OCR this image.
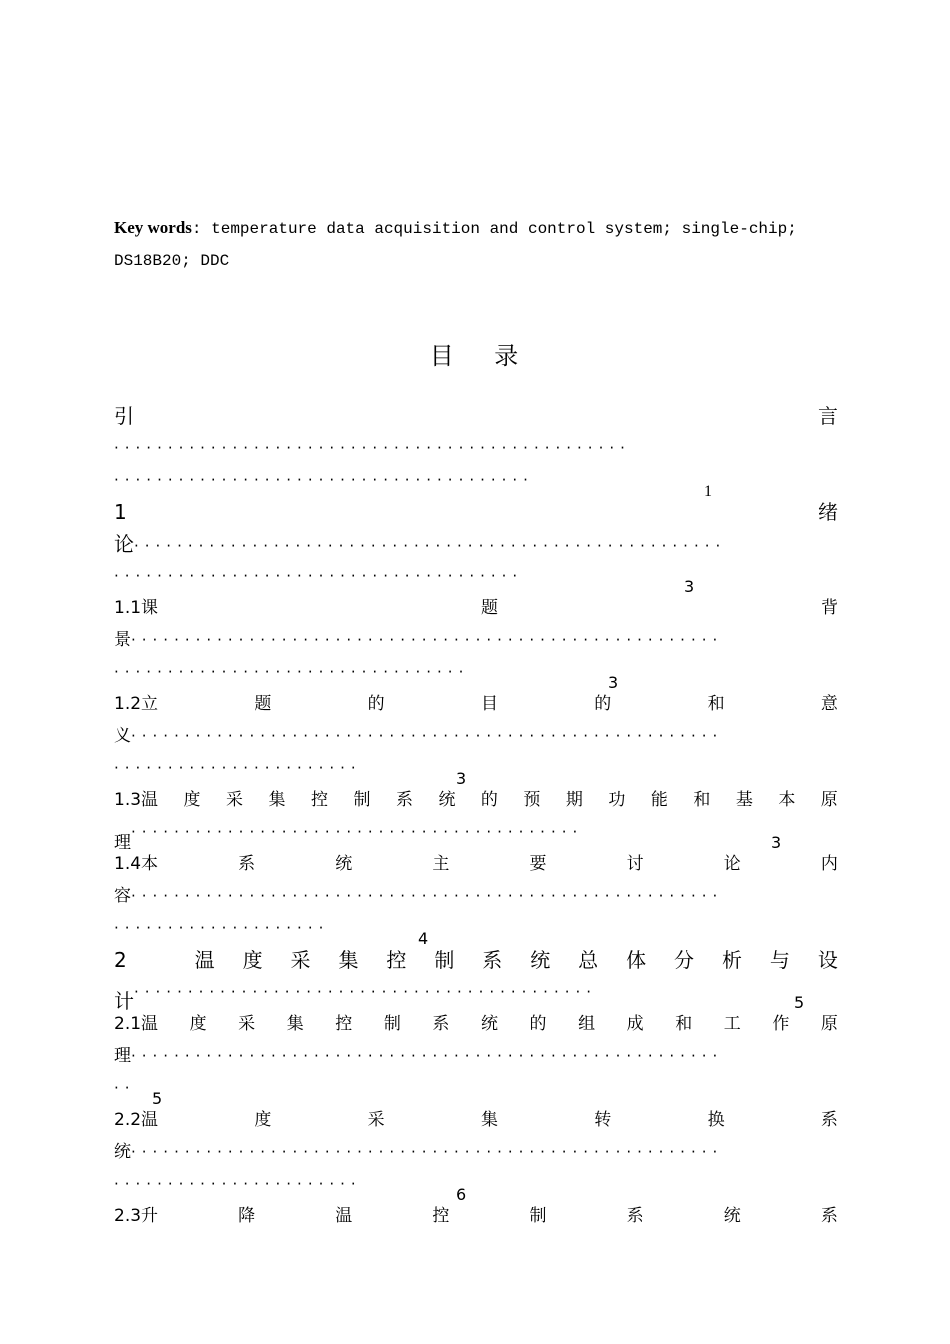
Key words: temperature data acquisition and control system; single-chip; DS18B20; DDC
目    录
引	言
················································
·······································1
1	绪
论 ·······················································
······································3
1.1课	题	背
景 ·······················································
·································3
1.2立	题	的	目	的	和	意
义 ·······················································
·······················3
1.3温 度 采 集 控 制 系 统 的 预 期 功 能 和 基 本 原
理··········································3
1.4本	系	统	主	要	讨	论	内
容 ·······················································
····················4
2	温 度 采 集 控 制 系 统 总 体 分 析 与 设
计···········································5
2.1温 度 采 集 控 制 系 统 的 组 成 和 工 作 原
理 ·······················································
··5
2.2温	度	采	集	转	换	系
统 ·······················································
·······················6
2.3升	降	温	控	制	系	统	系
